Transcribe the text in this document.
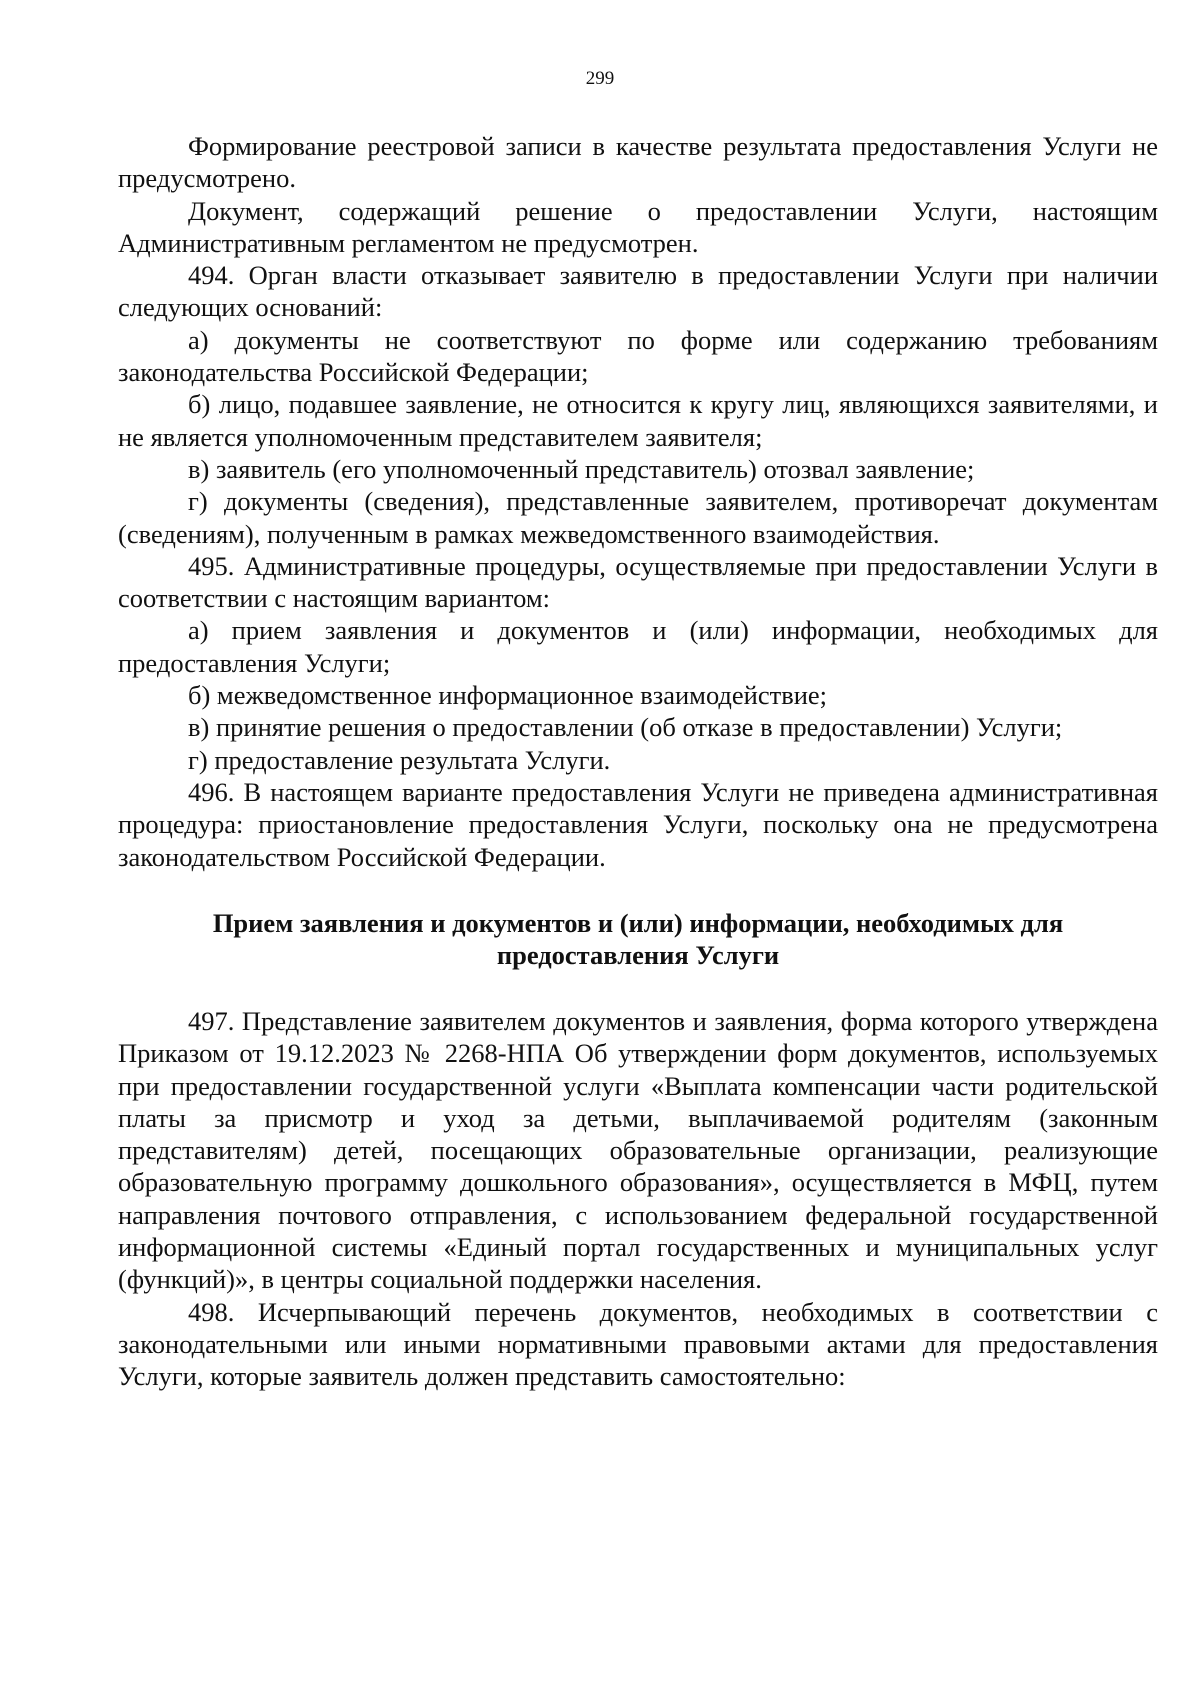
299

Формирование реестровой записи в качестве результата предоставления Услуги не предусмотрено.

Документ, содержащий решение о предоставлении Услуги, настоящим Административным регламентом не предусмотрен.

494. Орган власти отказывает заявителю в предоставлении Услуги при наличии следующих оснований:

а) документы не соответствуют по форме или содержанию требованиям законодательства Российской Федерации;

б) лицо, подавшее заявление, не относится к кругу лиц, являющихся заявителями, и не является уполномоченным представителем заявителя;

в) заявитель (его уполномоченный представитель) отозвал заявление;

г) документы (сведения), представленные заявителем, противоречат документам (сведениям), полученным в рамках межведомственного взаимодействия.

495. Административные процедуры, осуществляемые при предоставлении Услуги в соответствии с настоящим вариантом:

а) прием заявления и документов и (или) информации, необходимых для предоставления Услуги;

б) межведомственное информационное взаимодействие;

в) принятие решения о предоставлении (об отказе в предоставлении) Услуги;

г) предоставление результата Услуги.

496. В настоящем варианте предоставления Услуги не приведена административная процедура: приостановление предоставления Услуги, поскольку она не предусмотрена законодательством Российской Федерации.

Прием заявления и документов и (или) информации, необходимых для
предоставления Услуги

497. Представление заявителем документов и заявления, форма которого утверждена Приказом от 19.12.2023 № 2268-НПА Об утверждении форм документов, используемых при предоставлении государственной услуги «Выплата компенсации части родительской платы за присмотр и уход за детьми, выплачиваемой родителям (законным представителям) детей, посещающих образовательные организации, реализующие образовательную программу дошкольного образования», осуществляется в МФЦ, путем направления почтового отправления, с использованием федеральной государственной информационной системы «Единый портал государственных и муниципальных услуг (функций)», в центры социальной поддержки населения.

498. Исчерпывающий перечень документов, необходимых в соответствии с законодательными или иными нормативными правовыми актами для предоставления Услуги, которые заявитель должен представить самостоятельно:
